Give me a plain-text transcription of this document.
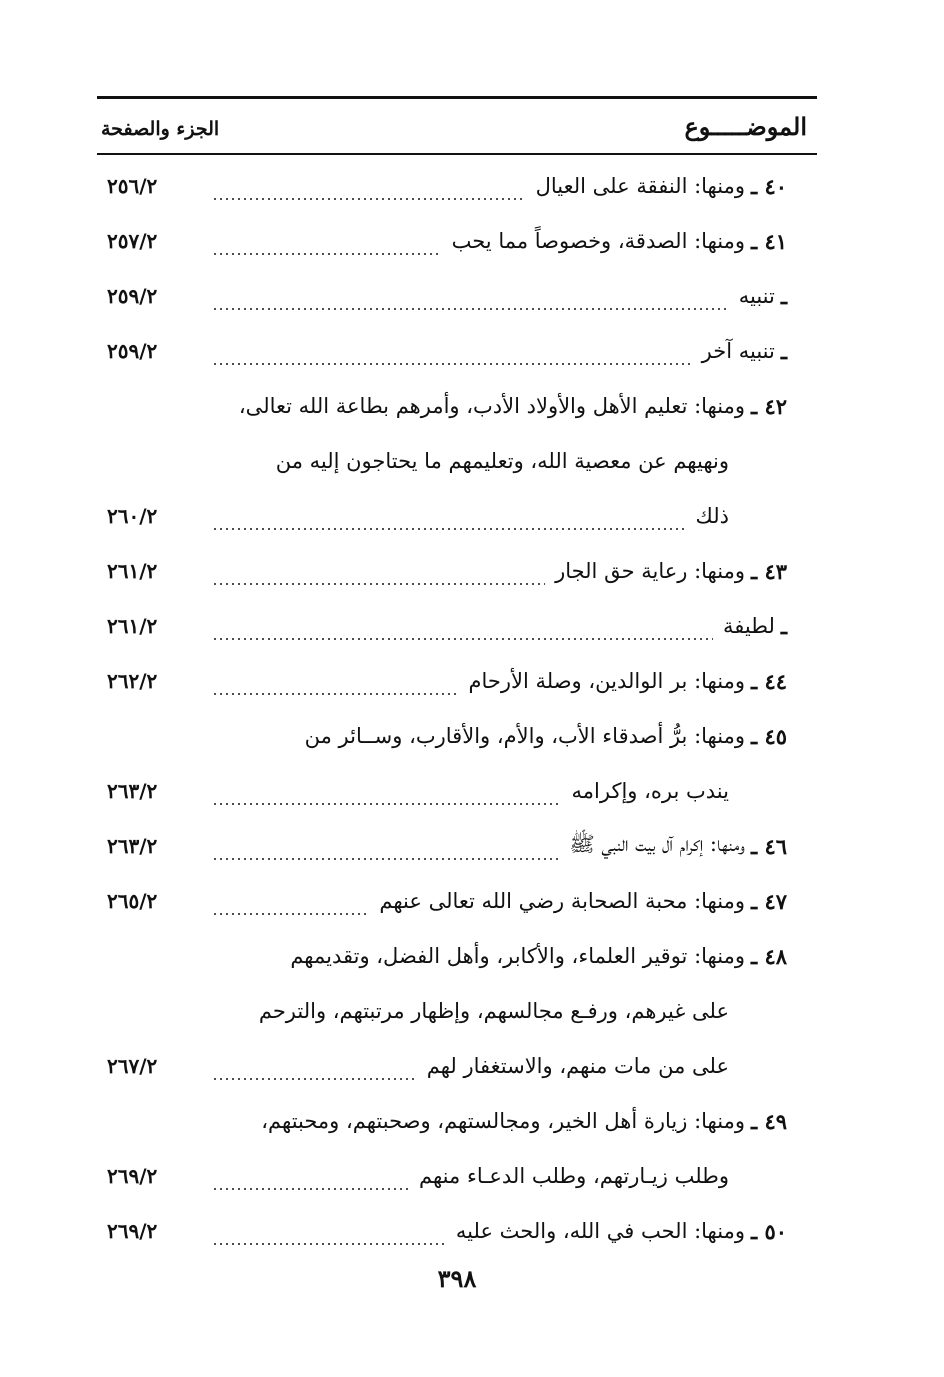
الموضـــــوع
الجزء والصفحة
٤٠ ـ
ومنها: النفقة على العيال
٢٥٦/٢
٤١ ـ
ومنها: الصدقة، وخصوصاً مما يحب
٢٥٧/٢
ـ
تنبيه
٢٥٩/٢
ـ
تنبيه آخر
٢٥٩/٢
٤٢ ـ
ومنها: تعليم الأهل والأولاد الأدب، وأمرهم بطاعة الله تعالى،
ونهيهم عن معصية الله، وتعليمهم ما يحتاجون إليه من
ذلك
٢٦٠/٢
٤٣ ـ
ومنها: رعاية حق الجار
٢٦١/٢
ـ
لطيفة
٢٦١/٢
٤٤ ـ
ومنها: بر الوالدين، وصلة الأرحام
٢٦٢/٢
٤٥ ـ
ومنها: برُّ أصدقاء الأب، والأم، والأقارب، وســائر من
يندب بره، وإكرامه
٢٦٣/٢
٤٦ ـ
ومنها: إكرام آل بيت النبي ﷺ
٢٦٣/٢
٤٧ ـ
ومنها: محبة الصحابة رضي الله تعالى عنهم
٢٦٥/٢
٤٨ ـ
ومنها: توقير العلماء، والأكابر، وأهل الفضل، وتقديمهم
على غيرهم، ورفـع مجالسهم، وإظهار مرتبتهم، والترحم
على من مات منهم، والاستغفار لهم
٢٦٧/٢
٤٩ ـ
ومنها: زيارة أهل الخير، ومجالستهم، وصحبتهم، ومحبتهم،
وطلب زيـارتهم، وطلب الدعـاء منهم
٢٦٩/٢
٥٠ ـ
ومنها: الحب في الله، والحث عليه
٢٦٩/٢
٣٩٨
